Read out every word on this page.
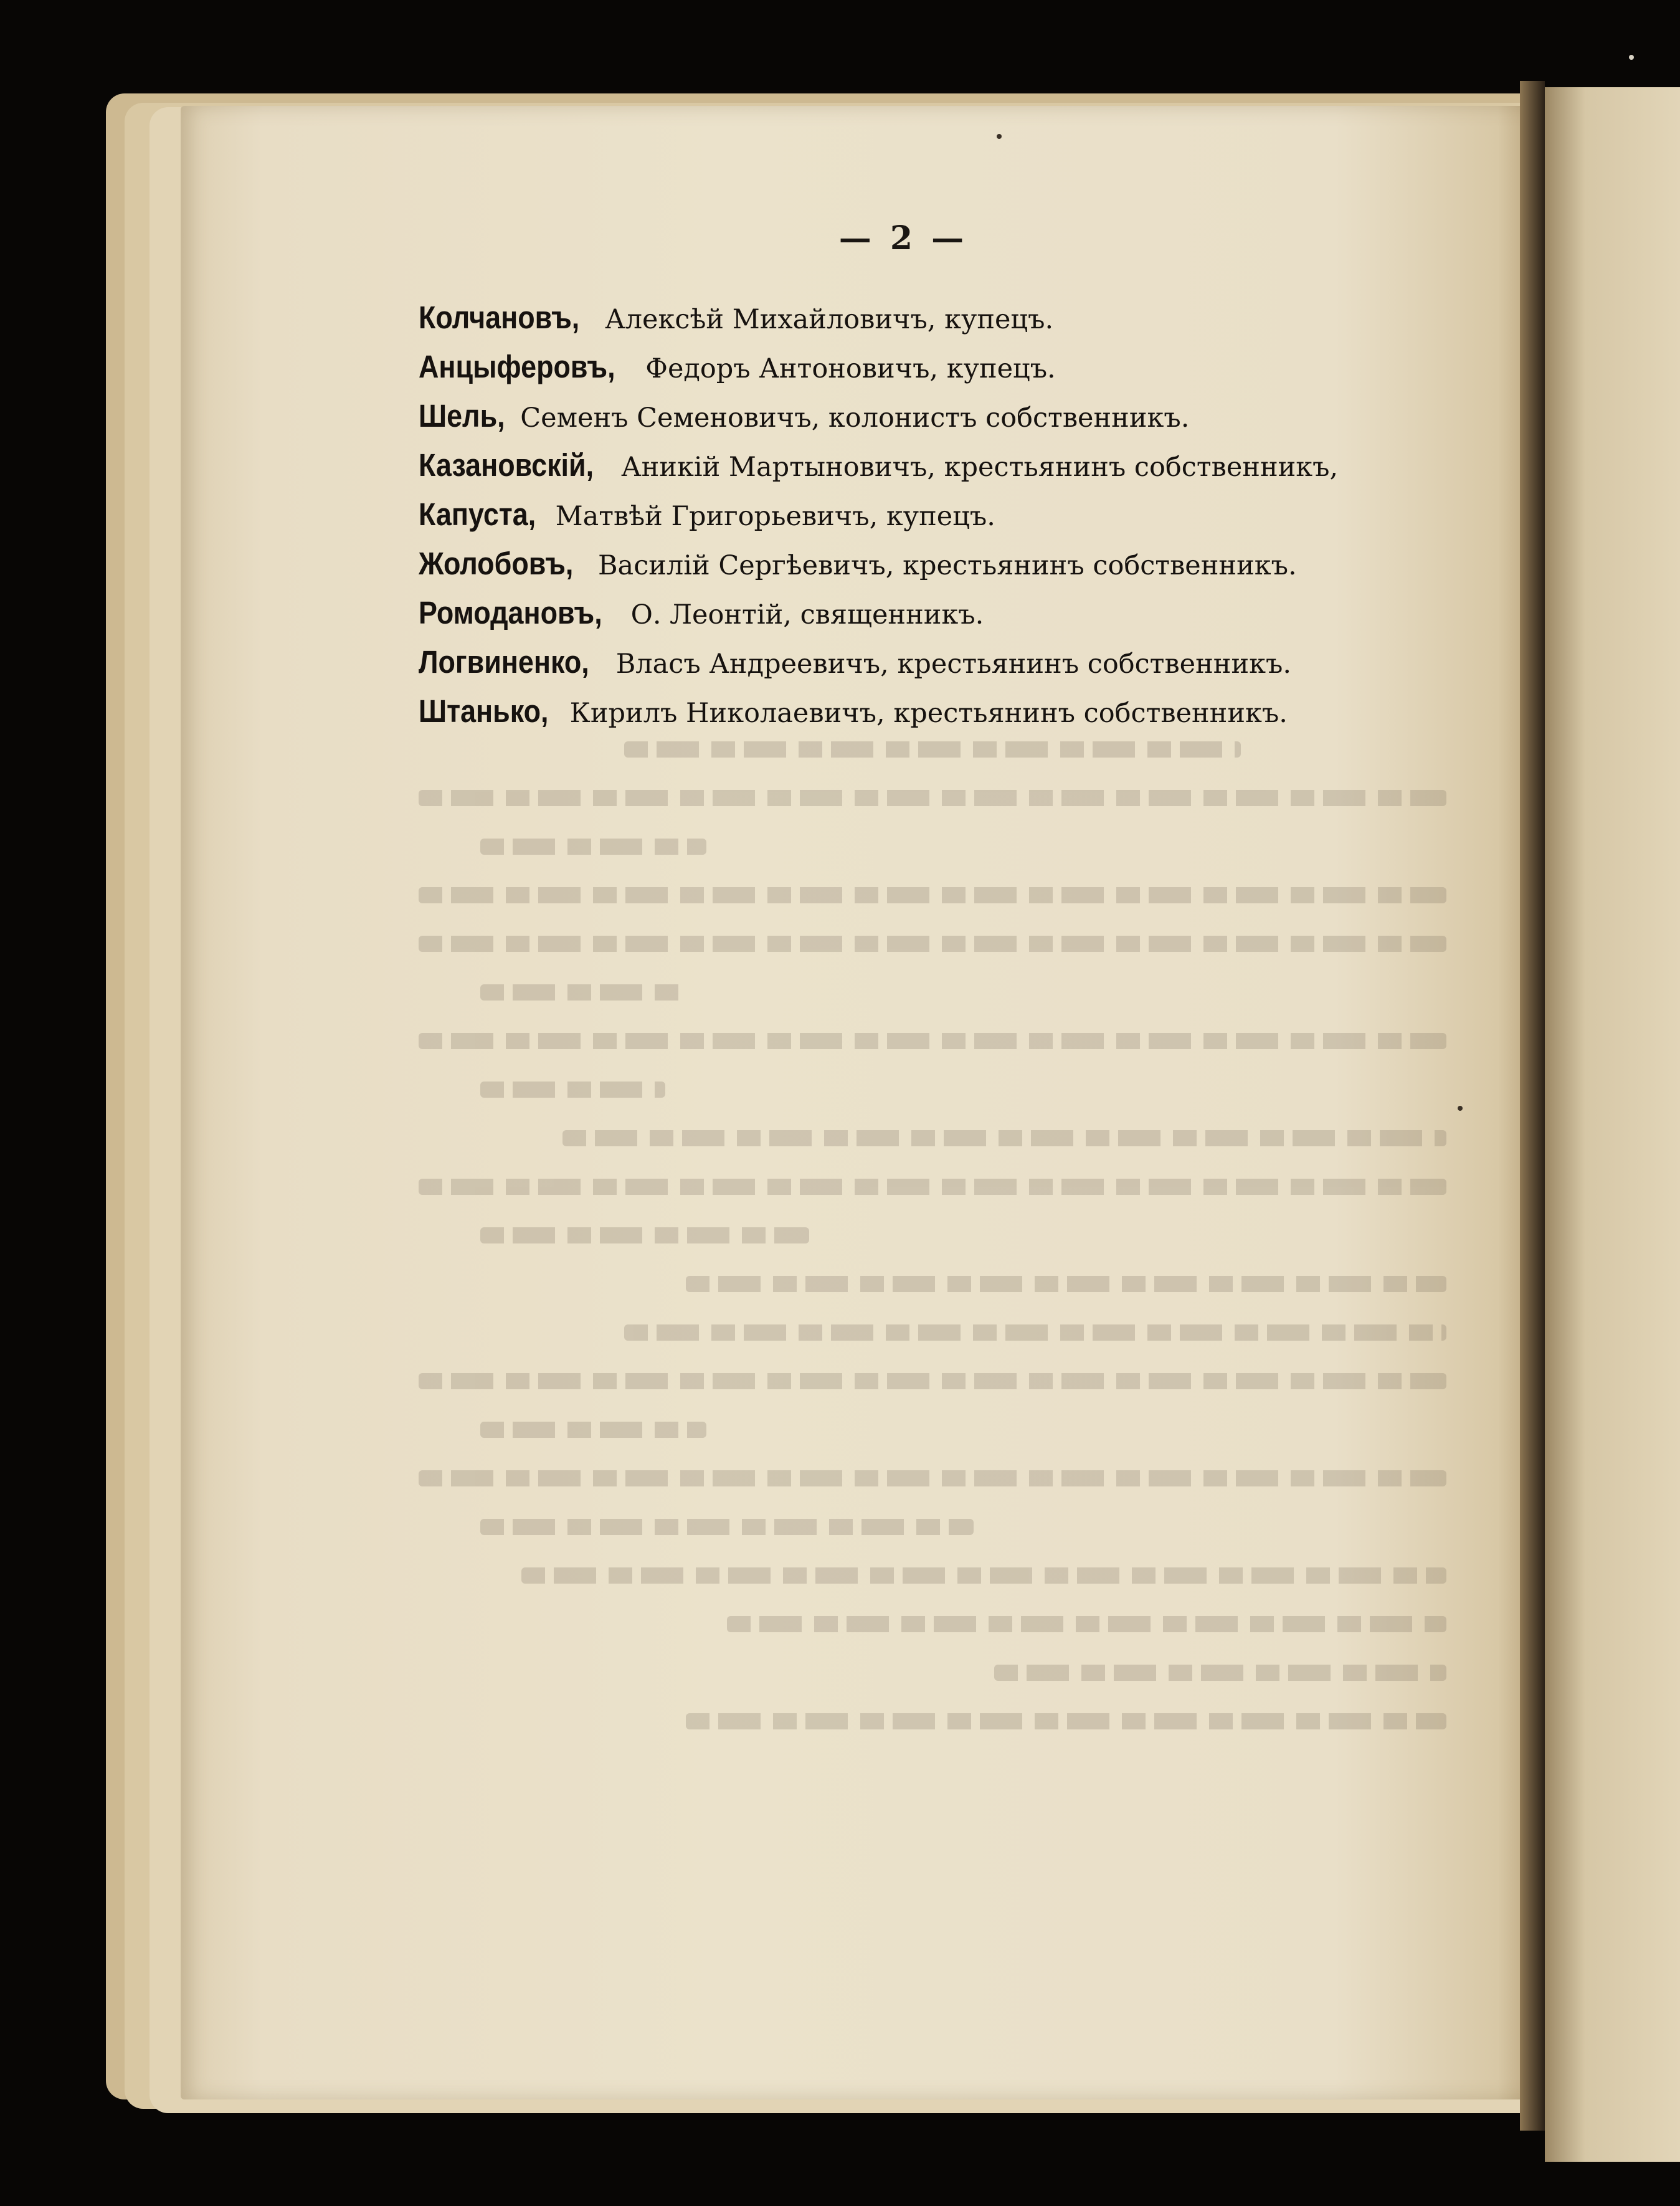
— 2 —
Колчановъ, Алексѣй Михайловичъ, купецъ.
Анцыферовъ, Федоръ Антоновичъ, купецъ.
Шель, Семенъ Семеновичъ, колонистъ собственникъ.
Казановскій, Аникій Мартыновичъ, крестьянинъ собственникъ,
Капуста, Матвѣй Григорьевичъ, купецъ.
Жолобовъ, Василій Сергѣевичъ, крестьянинъ собственникъ.
Ромодановъ, О. Леонтій, священникъ.
Логвиненко, Власъ Андреевичъ, крестьянинъ собственникъ.
Штанько, Кирилъ Николаевичъ, крестьянинъ собственникъ.
